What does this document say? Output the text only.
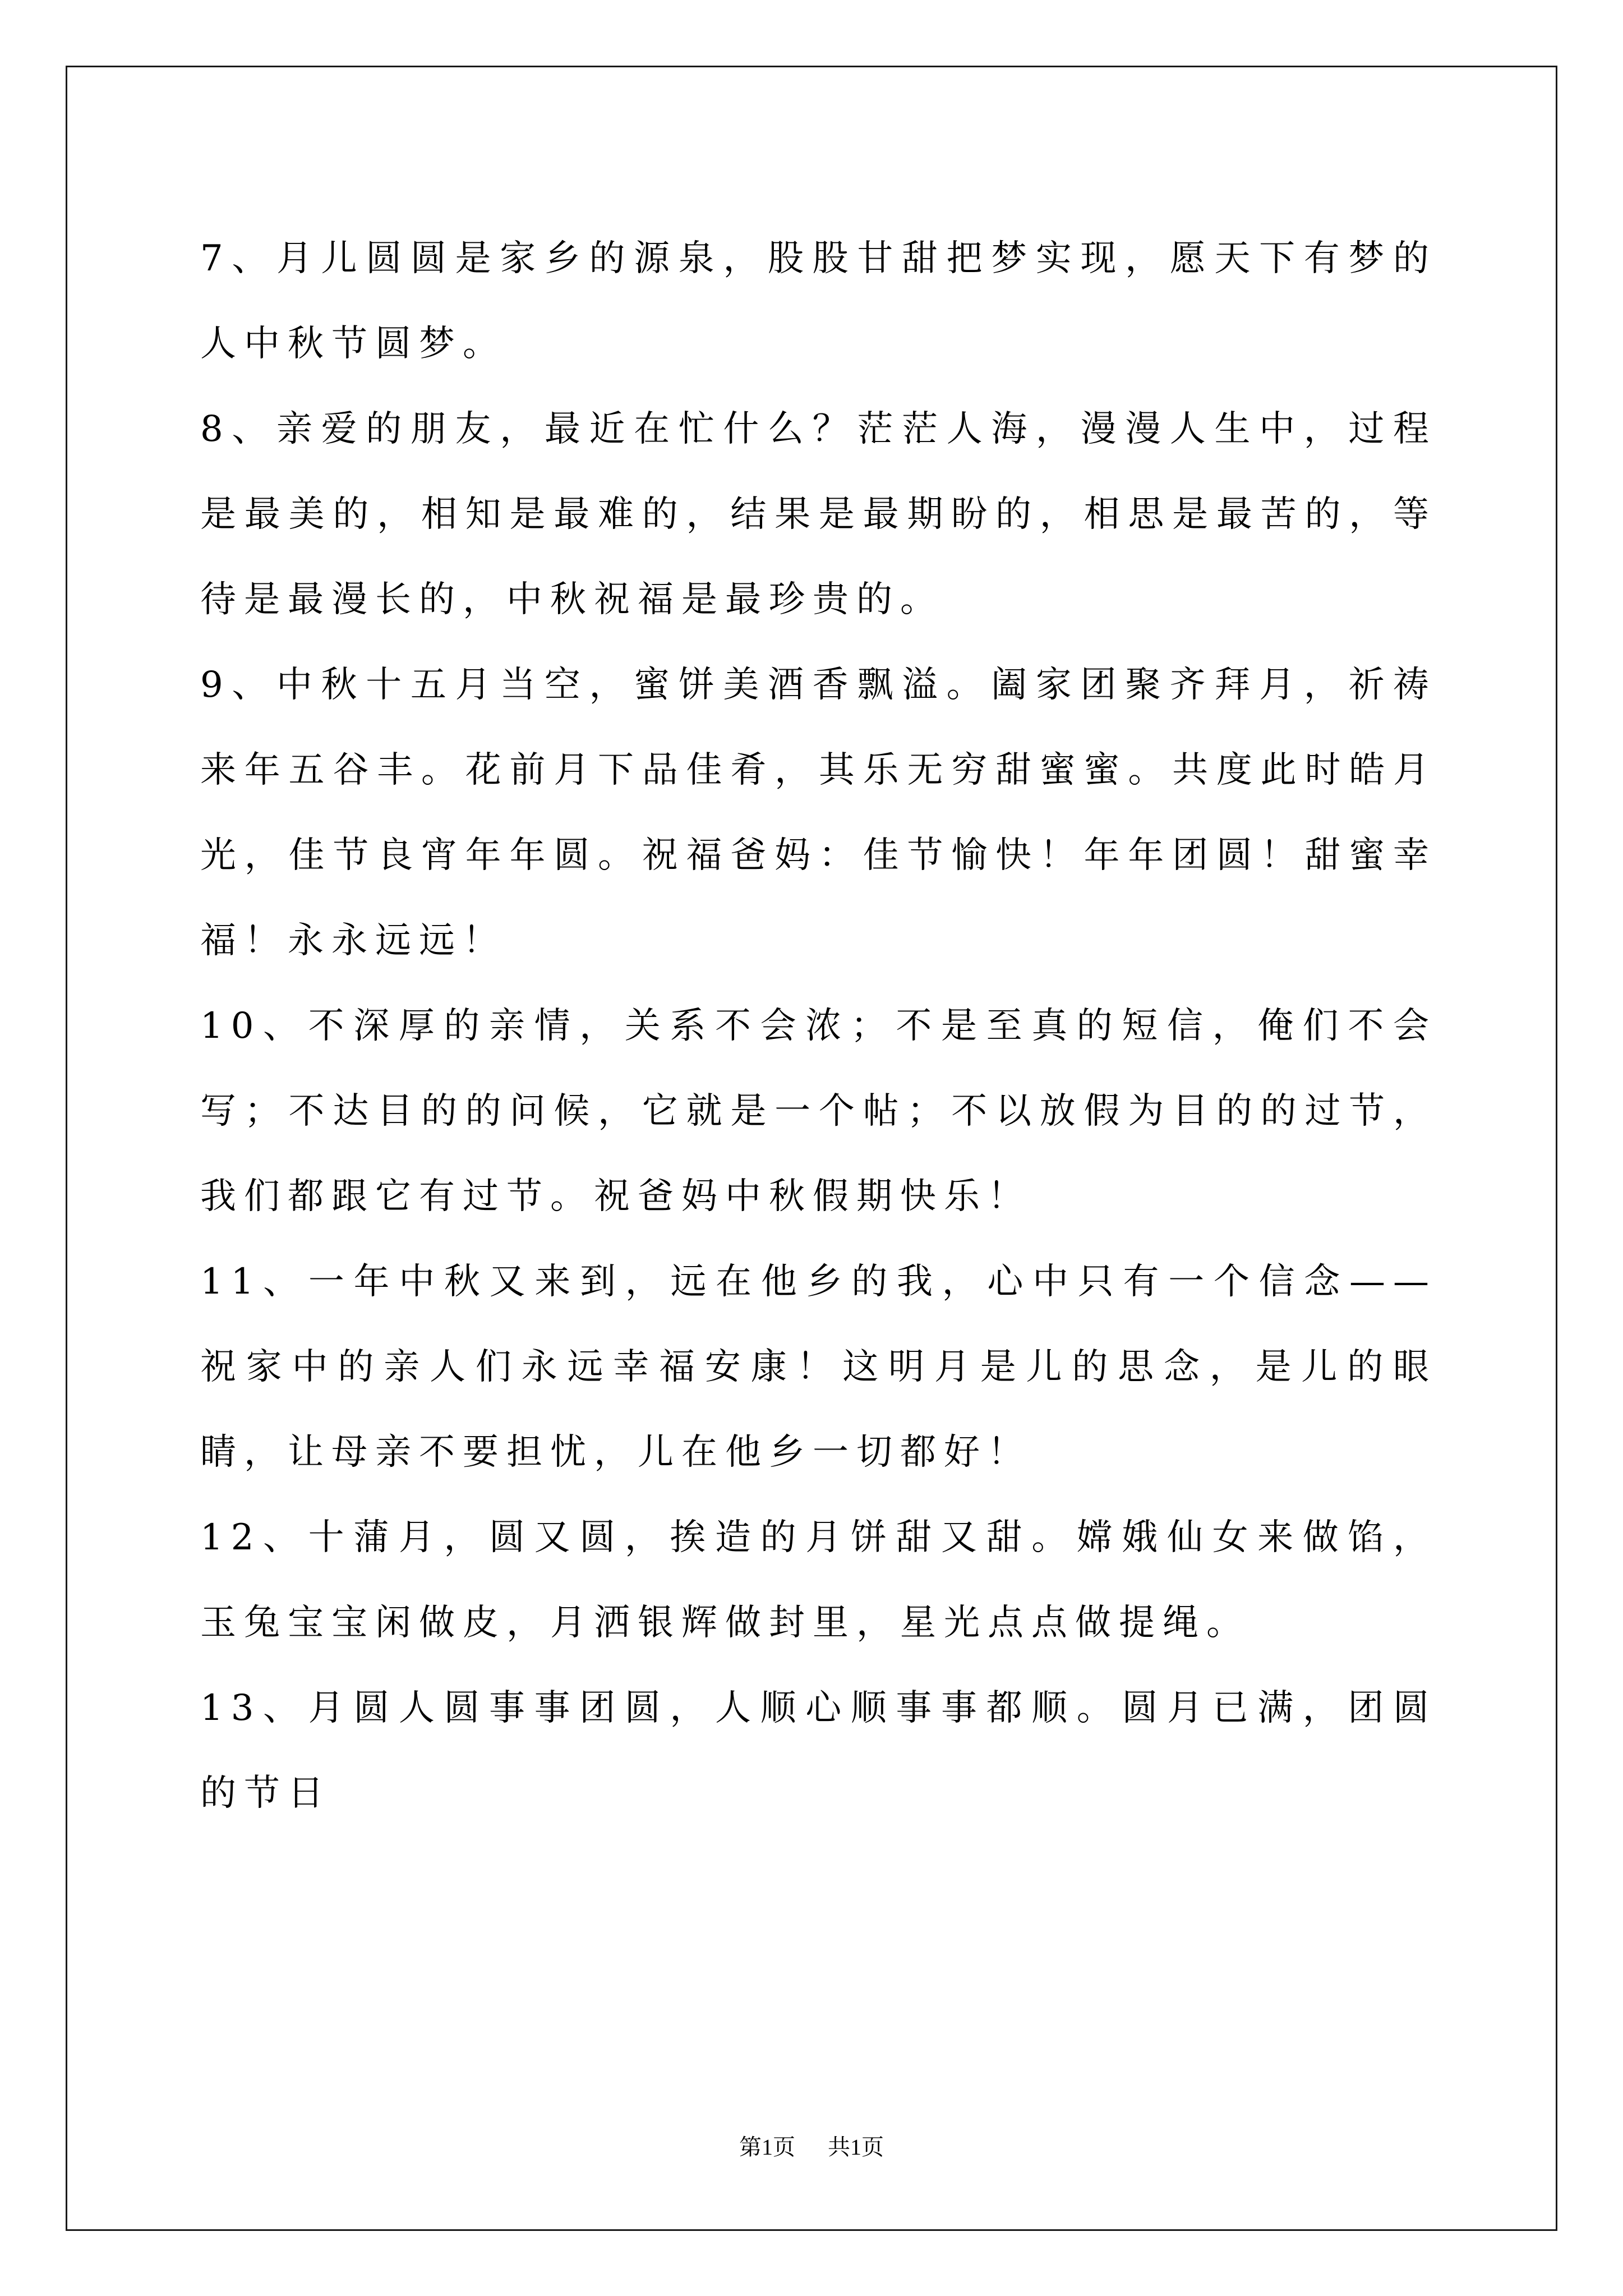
7、月儿圆圆是家乡的源泉，股股甘甜把梦实现，愿天下有梦的人中秋节圆梦。

8、亲爱的朋友，最近在忙什么？茫茫人海，漫漫人生中，过程是最美的，相知是最难的，结果是最期盼的，相思是最苦的，等待是最漫长的，中秋祝福是最珍贵的。

9、中秋十五月当空，蜜饼美酒香飘溢。阖家团聚齐拜月，祈祷来年五谷丰。花前月下品佳肴，其乐无穷甜蜜蜜。共度此时皓月光，佳节良宵年年圆。祝福爸妈：佳节愉快！年年团圆！甜蜜幸福！永永远远！

10、不深厚的亲情，关系不会浓；不是至真的短信，俺们不会写；不达目的的问候，它就是一个帖；不以放假为目的的过节，我们都跟它有过节。祝爸妈中秋假期快乐！

11、一年中秋又来到，远在他乡的我，心中只有一个信念——祝家中的亲人们永远幸福安康！这明月是儿的思念，是儿的眼睛，让母亲不要担忧，儿在他乡一切都好！

12、十蒲月，圆又圆，挨造的月饼甜又甜。嫦娥仙女来做馅，玉兔宝宝闲做皮，月洒银辉做封里，星光点点做提绳。

13、月圆人圆事事团圆，人顺心顺事事都顺。圆月已满，团圆的节日

第1页 共1页
